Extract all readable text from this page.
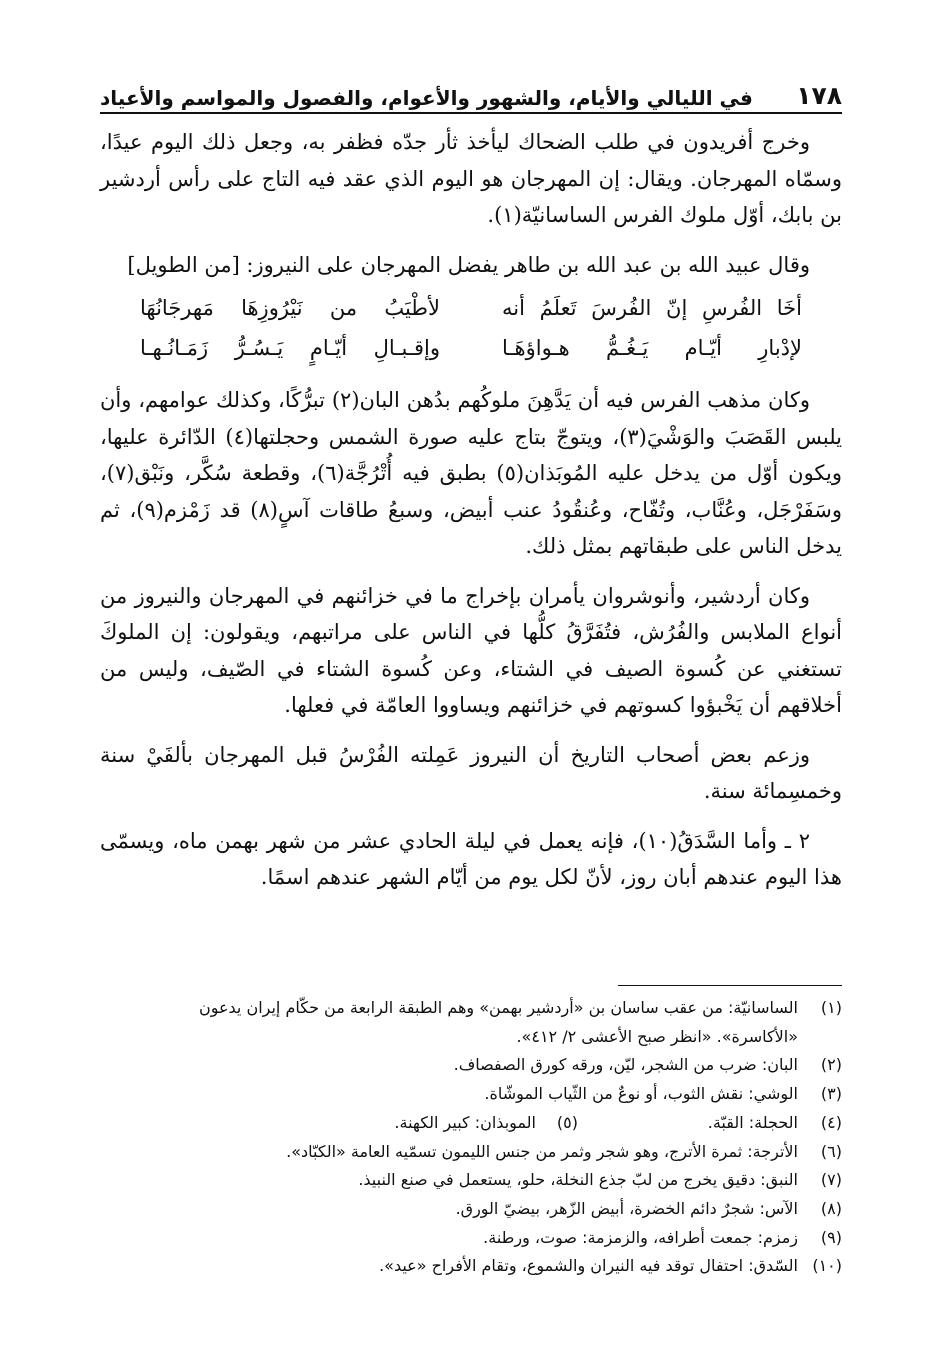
١٧٨
في الليالي والأيام، والشهور والأعوام، والفصول والمواسم والأعياد

وخرج أفريدون في طلب الضحاك ليأخذ ثأر جدّه فظفر به، وجعل ذلك اليوم عيدًا، وسمّاه المهرجان. ويقال: إن المهرجان هو اليوم الذي عقد فيه التاج على رأس أردشير بن بابك، أوّل ملوك الفرس الساسانيّة(١).

وقال عبيد الله بن عبد الله بن طاهر يفضل المهرجان على النيروز: [من الطويل]

أخَا الفُرسِ إنّ الفُرسَ تَعلَمُ أنه
لأطْيَبُ من نَيْرُوزِهَا مَهرجَانُهَا
لإدْبارِ أيّـام يَـغُـمُّ هـواؤهَـا
وإقـبـالِ أيّـامٍ يَـسُـرُّ زَمَـانُـهـا

وكان مذهب الفرس فيه أن يَدَّهِنَ ملوكُهم بدُهن البان(٢) تبرُّكًا، وكذلك عوامهم، وأن يلبس القَصَبَ والوَشْيَ(٣)، ويتوجّ بتاج عليه صورة الشمس وحجلتها(٤) الدّائرة عليها، ويكون أوّل من يدخل عليه المُوبَذان(٥) بطبق فيه أُتْرُجَّة(٦)، وقطعة سُكَّر، ونَبْق(٧)، وسَفَرْجَل، وعُنَّاب، وتُفّاح، وعُنقُودُ عنب أبيض، وسبعُ طاقات آسٍ(٨) قد زَمْزم(٩)، ثم يدخل الناس على طبقاتهم بمثل ذلك.

وكان أردشير، وأنوشروان يأمران بإخراج ما في خزائنهم في المهرجان والنيروز من أنواع الملابس والفُرُش، فتُفَرَّقُ كلُّها في الناس على مراتبهم، ويقولون: إن الملوكَ تستغني عن كُسوة الصيف في الشتاء، وعن كُسوة الشتاء في الصّيف، وليس من أخلاقهم أن يَخْبؤوا كسوتهم في خزائنهم ويساووا العامّة في فعلها.

وزعم بعض أصحاب التاريخ أن النيروز عَمِلته الفُرْسُ قبل المهرجان بألفَيْ سنة وخمسِمائة سنة.

٢ ـ وأما السَّدَقُ(١٠)، فإنه يعمل في ليلة الحادي عشر من شهر بهمن ماه، ويسمّى هذا اليوم عندهم أبان روز، لأنّ لكل يوم من أيّام الشهر عندهم اسمًا.

(١)
الساسانيّة: من عقب ساسان بن «أردشير بهمن» وهم الطبقة الرابعة من حكّام إيران يدعون
«الأكاسرة». «انظر صبح الأعشى ٢/ ٤١٢».
(٢)
البان: ضرب من الشجر، ليّن، ورقه كورق الصفصاف.
(٣)
الوشي: نقش الثوب، أو نوعٌ من الثّياب الموشّاة.
(٤)
الحجلة: القبّة.
(٥)
الموبذان: كبير الكهنة.
(٦)
الأترجة: ثمرة الأترج، وهو شجر وثمر من جنس الليمون تسمّيه العامة «الكبّاد».
(٧)
النبق: دقيق يخرج من لبّ جذع النخلة، حلو، يستعمل في صنع النبيذ.
(٨)
الآس: شجرٌ دائم الخضرة، أبيض الزّهر، بيضيّ الورق.
(٩)
زمزم: جمعت أطرافه، والزمزمة: صوت، ورطنة.
(١٠)
السّدق: احتفال توقد فيه النيران والشموع، وتقام الأفراح «عيد».
